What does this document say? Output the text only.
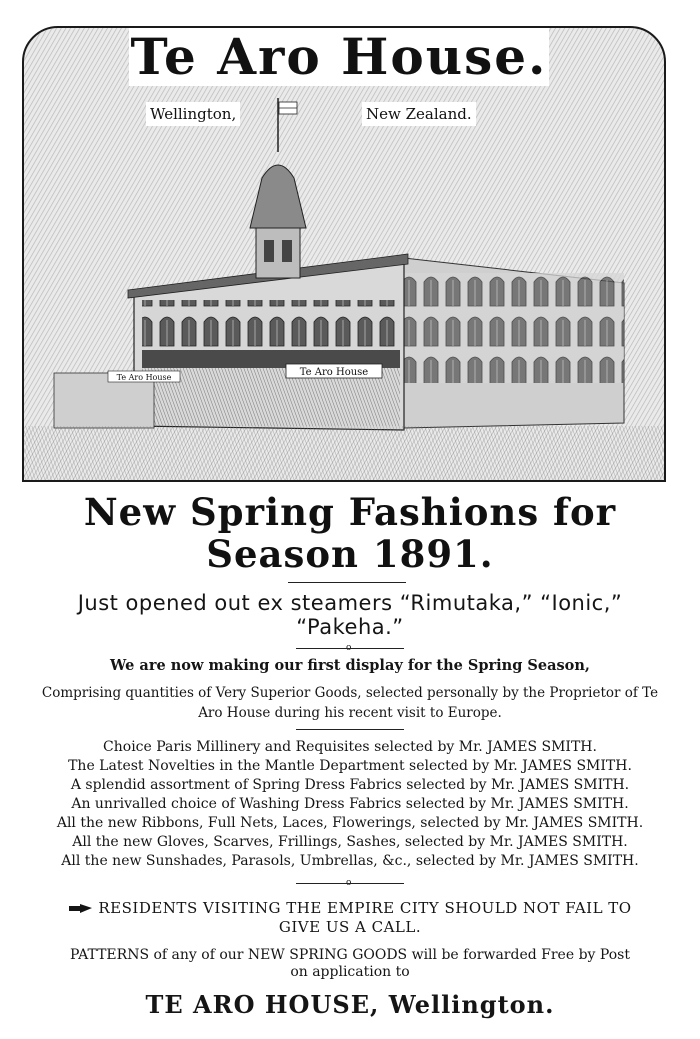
Te Aro House
Te Aro House
Te Aro House.
Wellington,	New Zealand.
New Spring Fashions for
Season 1891.
Just opened out ex steamers “Rimutaka,” “Ionic,”
“Pakeha.”
o
We are now making our first display for the Spring Season,
Comprising quantities of Very Superior Goods, selected personally by the Proprietor of Te
Aro House during his recent visit to Europe.
Choice Paris Millinery and Requisites selected by Mr. JAMES SMITH.
The Latest Novelties in the Mantle Department selected by Mr. JAMES SMITH.
A splendid assortment of Spring Dress Fabrics selected by Mr. JAMES SMITH.
An unrivalled choice of Washing Dress Fabrics selected by Mr. JAMES SMITH.
All the new Ribbons, Full Nets, Laces, Flowerings, selected by Mr. JAMES SMITH.
All the new Gloves, Scarves, Frillings, Sashes, selected by Mr. JAMES SMITH.
All the new Sunshades, Parasols, Umbrellas, &c., selected by Mr. JAMES SMITH.
o
RESIDENTS VISITING THE EMPIRE CITY SHOULD NOT FAIL TO
GIVE US A CALL.
PATTERNS of any of our NEW SPRING GOODS will be forwarded Free by Post
on application to
TE ARO HOUSE, Wellington.
